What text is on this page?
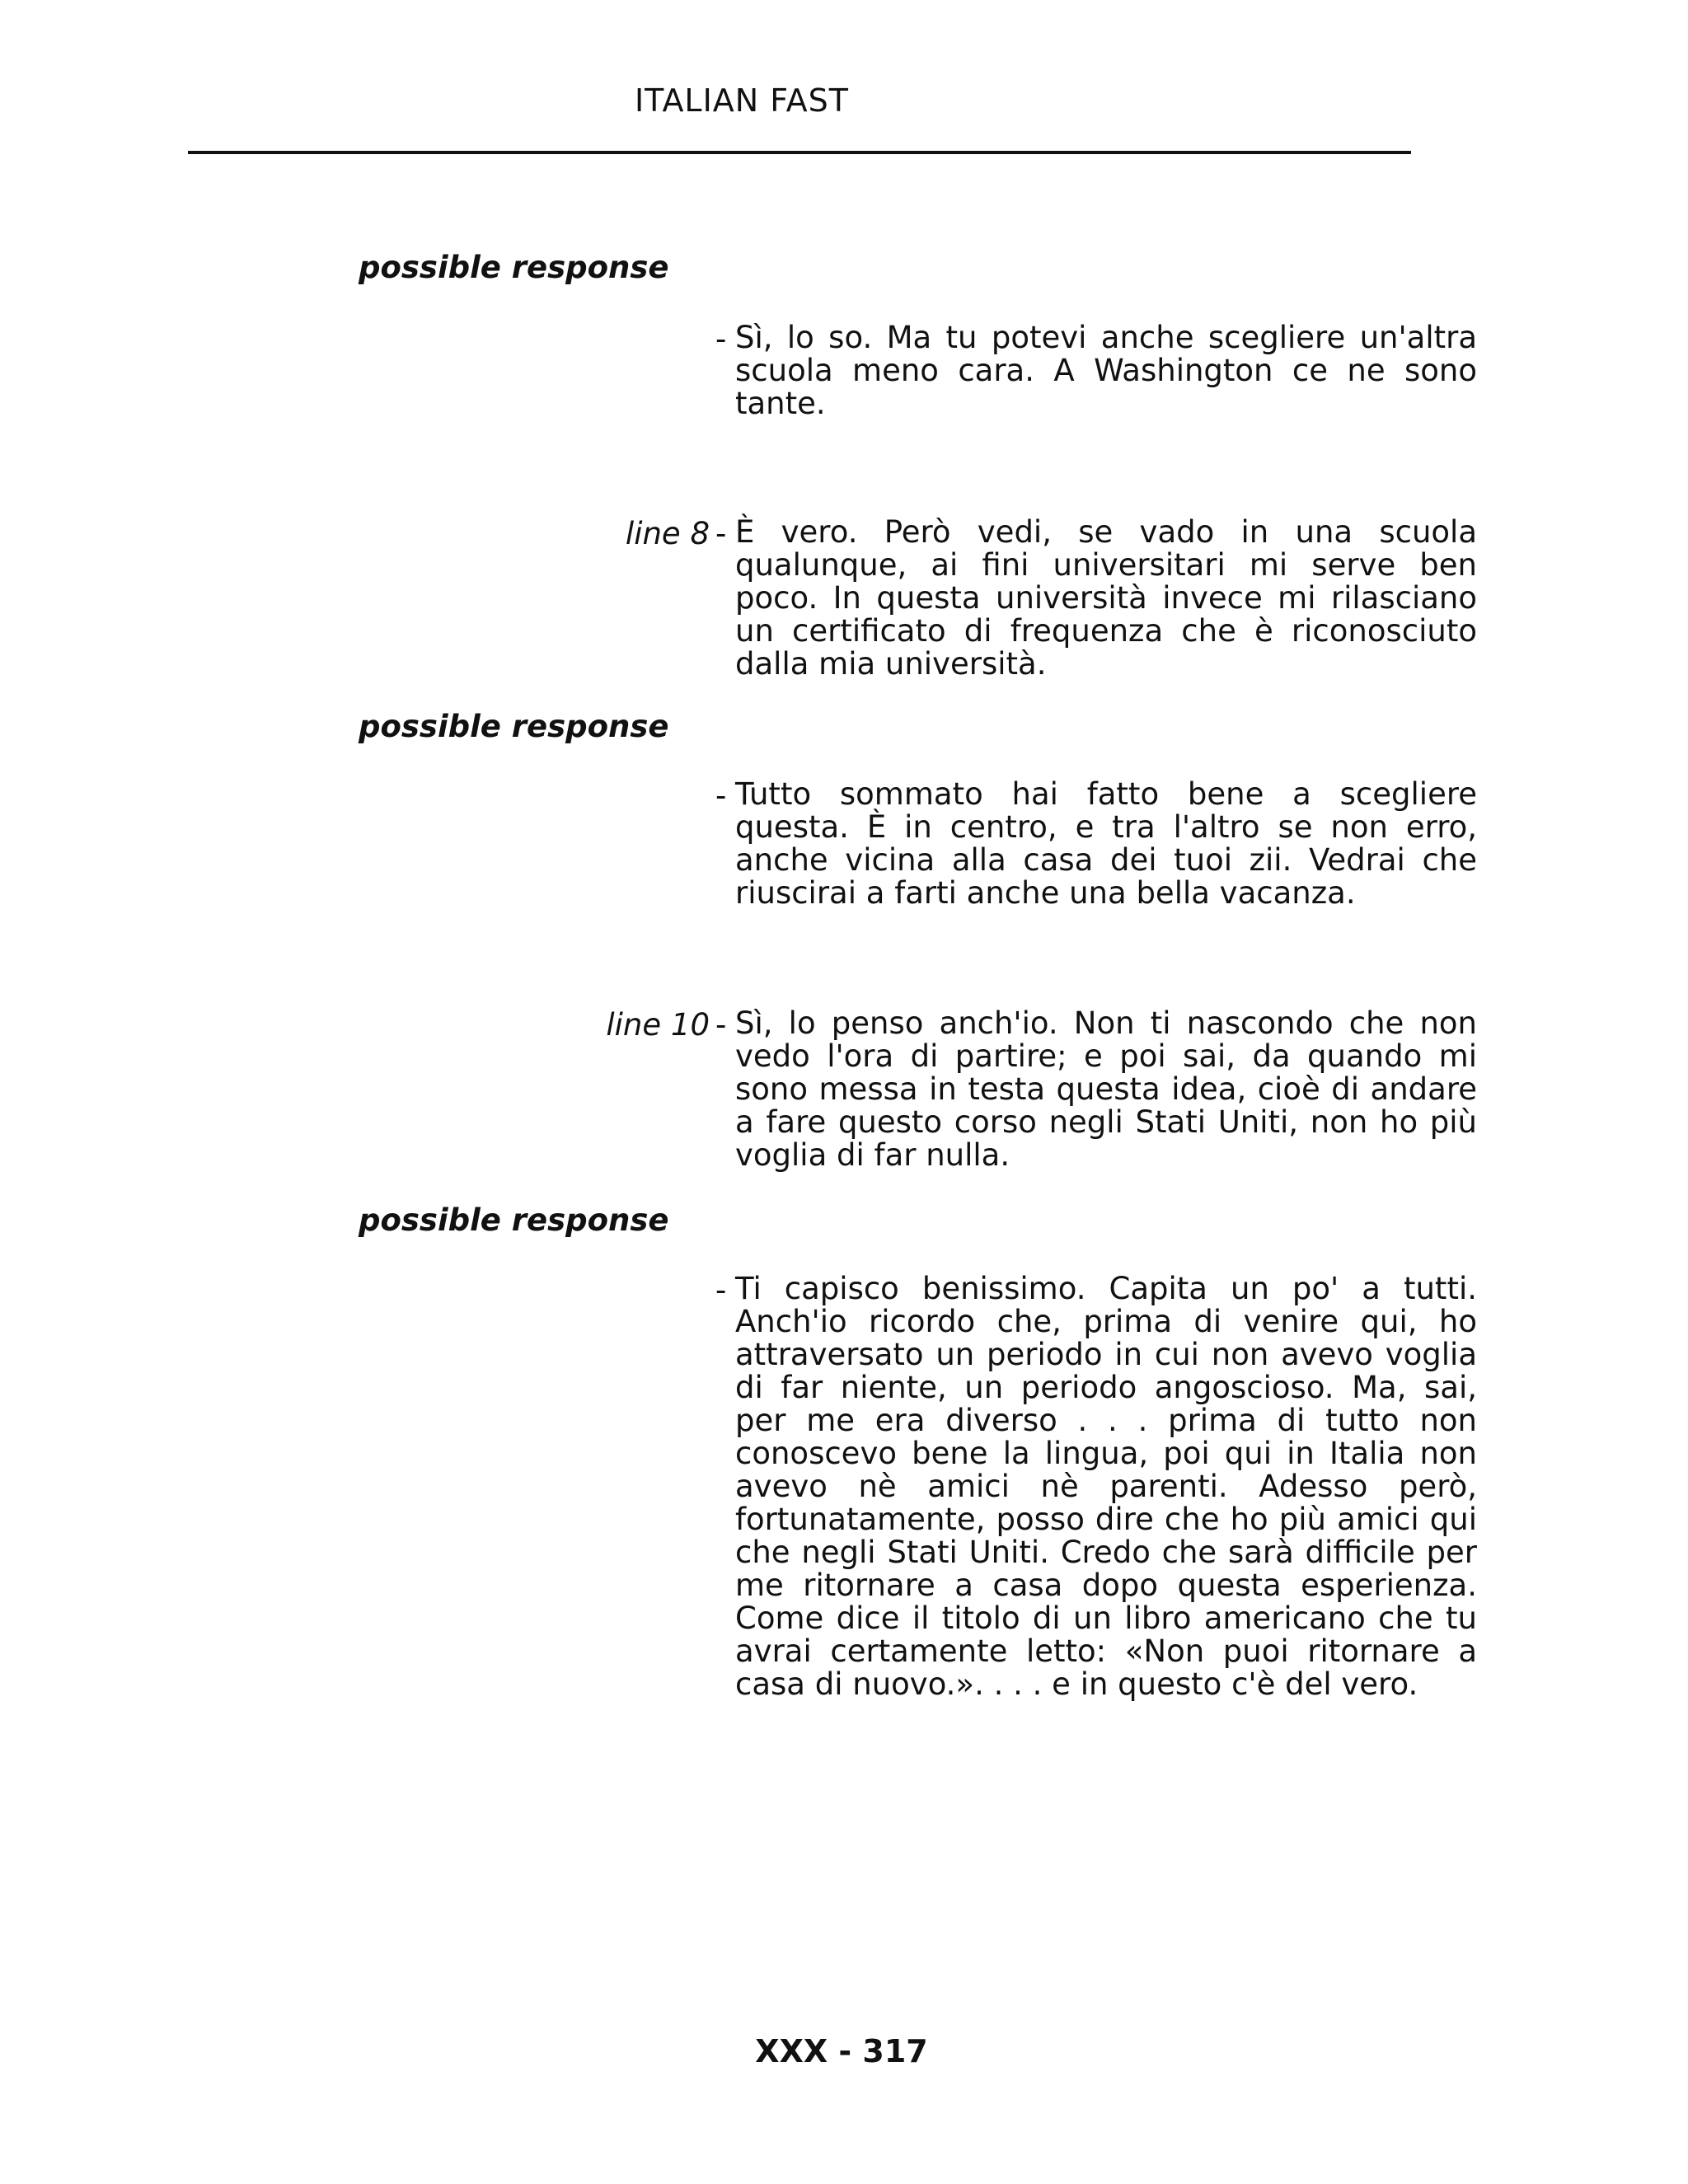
ITALIAN FAST
possible response
- Sì, lo so. Ma tu potevi anche scegliere un'altra scuola meno cara. A Washington ce ne sono tante.
line 8 - È vero. Però vedi, se vado in una scuola qualunque, ai fini universitari mi serve ben poco. In questa università invece mi rilasciano un certificato di frequenza che è riconosciuto dalla mia università.
possible response
- Tutto sommato hai fatto bene a scegliere questa. È in centro, e tra l'altro se non erro, anche vicina alla casa dei tuoi zii. Vedrai che riuscirai a farti anche una bella vacanza.
line 10 - Sì, lo penso anch'io. Non ti nascondo che non vedo l'ora di partire; e poi sai, da quando mi sono messa in testa questa idea, cioè di andare a fare questo corso negli Stati Uniti, non ho più voglia di far nulla.
possible response
- Ti capisco benissimo. Capita un po' a tutti. Anch'io ricordo che, prima di venire qui, ho attraversato un periodo in cui non avevo voglia di far niente, un periodo angoscioso. Ma, sai, per me era diverso . . . prima di tutto non conoscevo bene la lingua, poi qui in Italia non avevo nè amici nè parenti. Adesso però, fortunatamente, posso dire che ho più amici qui che negli Stati Uniti. Credo che sarà difficile per me ritornare a casa dopo questa esperienza. Come dice il titolo di un libro americano che tu avrai certamente letto: «Non puoi ritornare a casa di nuovo.». . . . e in questo c'è del vero.
XXX - 317
